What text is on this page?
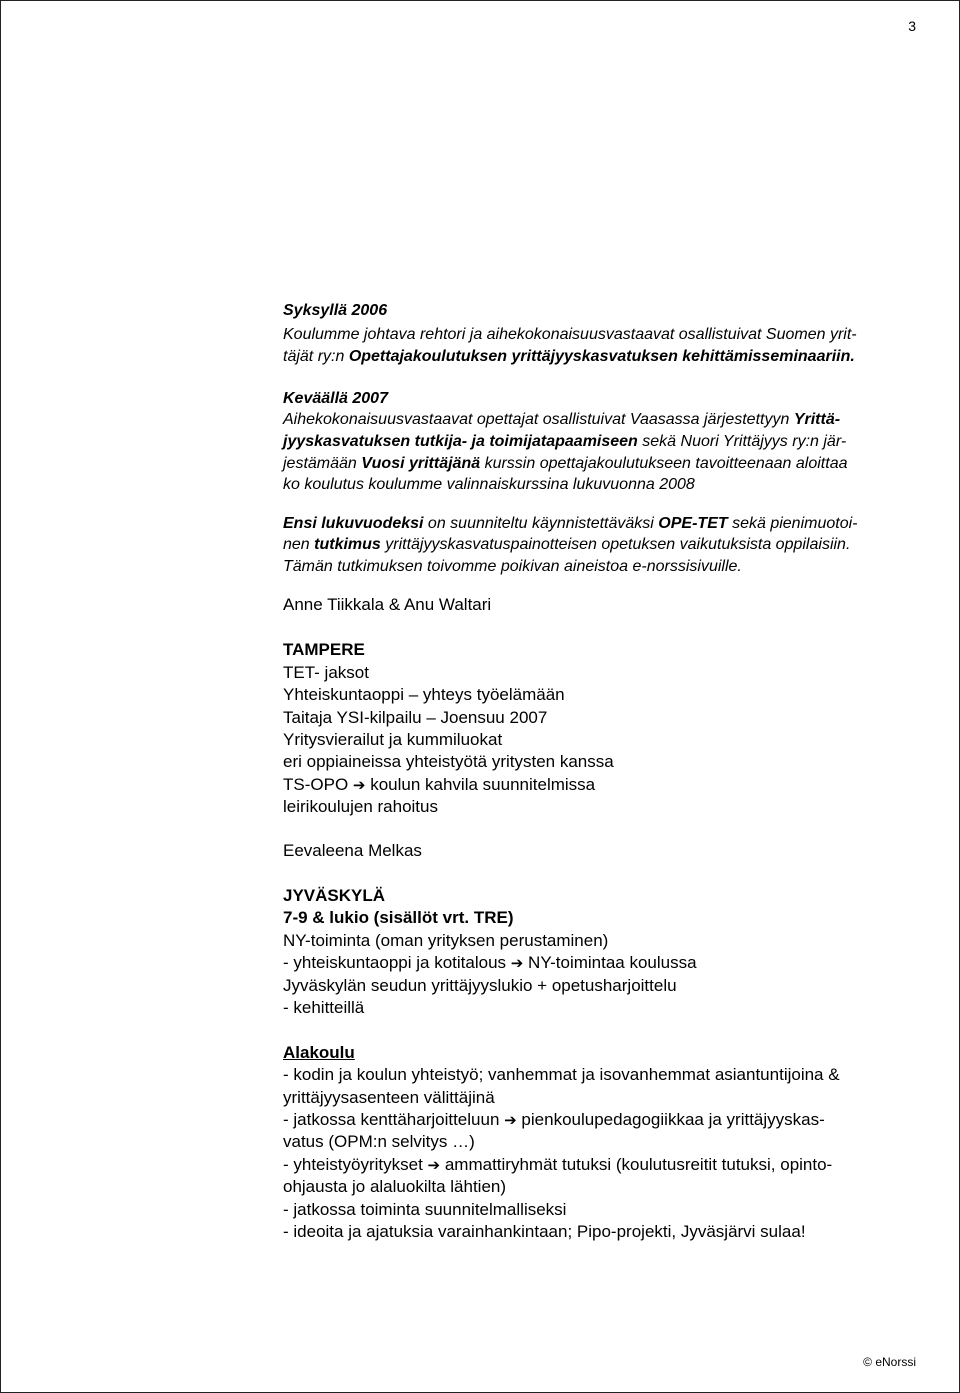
3
Syksyllä 2006
Koulumme johtava rehtori ja aihekokonaisuusvastaavat osallistuivat Suomen yrit-
täjät ry:n Opettajakoulutuksen yrittäjyyskasvatuksen kehittämisseminaariin.
Keväällä 2007
Aihekokonaisuusvastaavat opettajat osallistuivat Vaasassa järjestettyyn Yrittä-
jyyskasvatuksen tutkija- ja toimijatapaamiseen sekä Nuori Yrittäjyys ry:n jär-
jestämään Vuosi yrittäjänä kurssin opettajakoulutukseen tavoitteenaan aloittaa
ko koulutus koulumme valinnaiskurssina lukuvuonna 2008
Ensi lukuvuodeksi on suunniteltu käynnistettäväksi OPE-TET sekä pienimuotoi-
nen tutkimus yrittäjyyskasvatuspainotteisen opetuksen vaikutuksista oppilaisiin.
Tämän tutkimuksen toivomme poikivan aineistoa e-norssisivuille.
Anne Tiikkala & Anu Waltari
TAMPERE
TET- jaksot
Yhteiskuntaoppi – yhteys työelämään
Taitaja YSI-kilpailu – Joensuu 2007
Yritysvierailut ja kummiluokat
eri oppiaineissa yhteistyötä yritysten kanssa
TS-OPO ➔ koulun kahvila suunnitelmissa
leirikoulujen rahoitus
Eevaleena Melkas
JYVÄSKYLÄ
7-9 & lukio (sisällöt vrt. TRE)
NY-toiminta (oman yrityksen perustaminen)
- yhteiskuntaoppi ja kotitalous ➔ NY-toimintaa koulussa
Jyväskylän seudun yrittäjyyslukio + opetusharjoittelu
- kehitteillä
Alakoulu
- kodin ja koulun yhteistyö; vanhemmat ja isovanhemmat asiantuntijoina &
yrittäjyysasenteen välittäjinä
- jatkossa kenttäharjoitteluun ➔ pienkoulupedagogiikkaa ja yrittäjyyskas-
vatus (OPM:n selvitys …)
- yhteistyöyritykset ➔ ammattiryhmät tutuksi (koulutusreitit tutuksi, opinto-
ohjausta jo alaluokilta lähtien)
- jatkossa toiminta suunnitelmalliseksi
- ideoita ja ajatuksia varainhankintaan; Pipo-projekti, Jyväsjärvi sulaa!
© eNorssi
